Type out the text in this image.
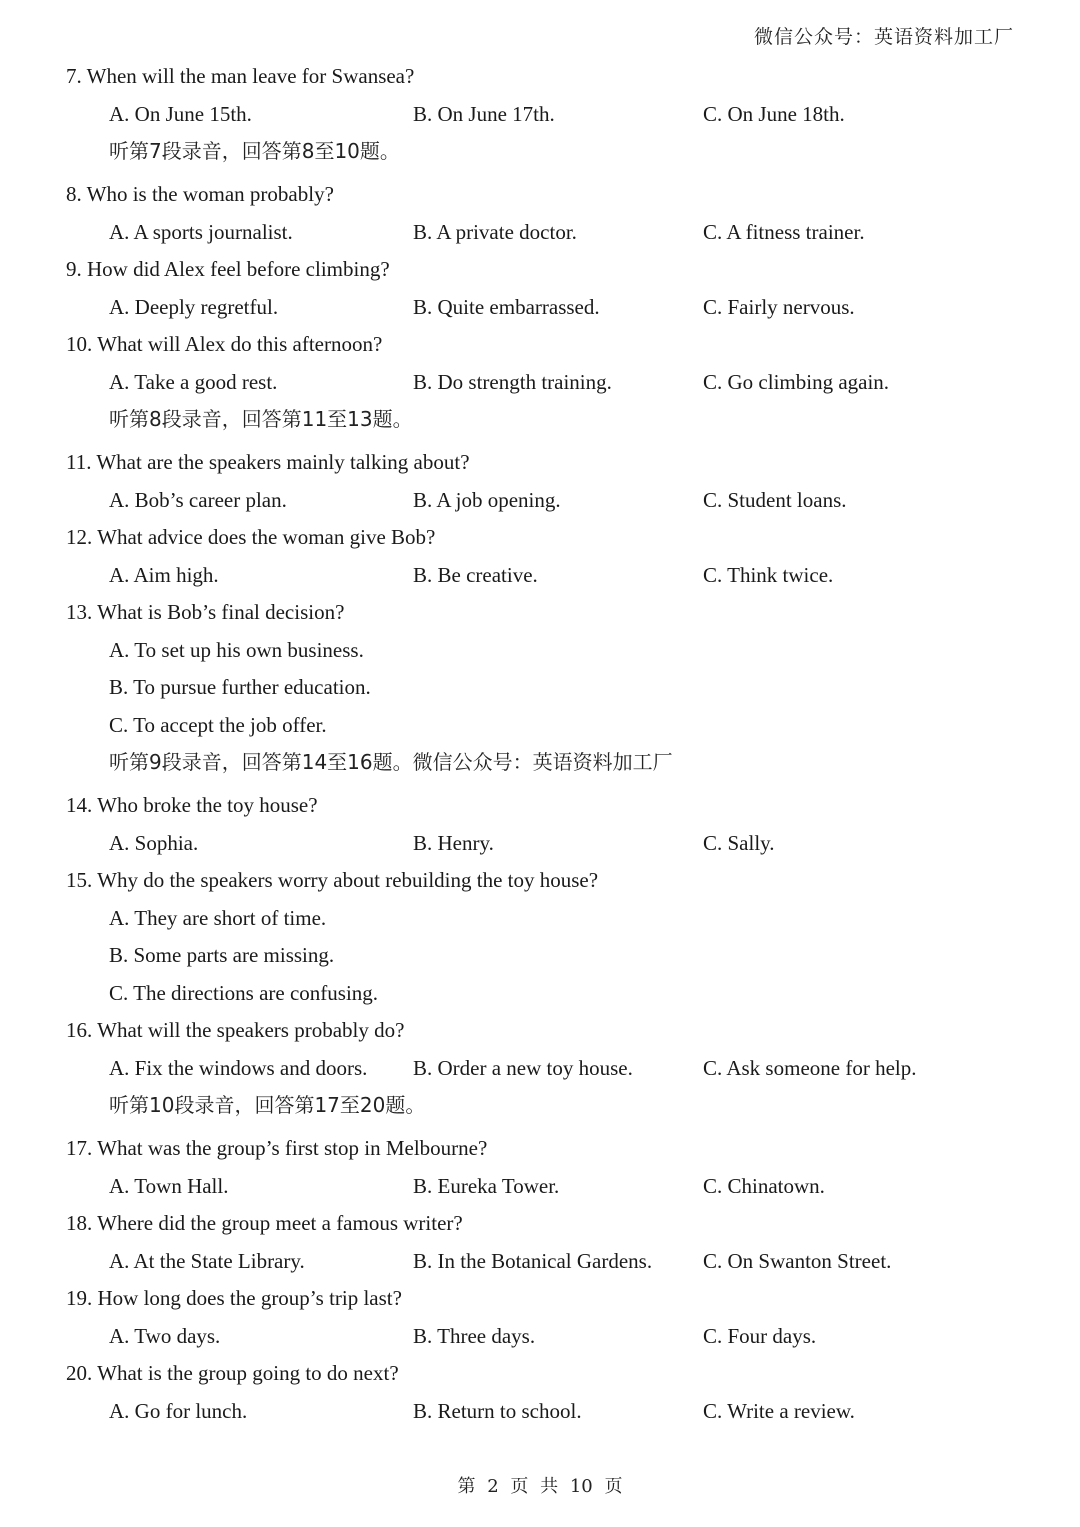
微信公众号：英语资料加工厂
7. When will the man leave for Swansea?
A. On June 15th.	B. On June 17th.	C. On June 18th.
听第7段录音，回答第8至10题。
8. Who is the woman probably?
A. A sports journalist.	B. A private doctor.	C. A fitness trainer.
9. How did Alex feel before climbing?
A. Deeply regretful.	B. Quite embarrassed.	C. Fairly nervous.
10. What will Alex do this afternoon?
A. Take a good rest.	B. Do strength training.	C. Go climbing again.
听第8段录音，回答第11至13题。
11. What are the speakers mainly talking about?
A. Bob’s career plan.	B. A job opening.	C. Student loans.
12. What advice does the woman give Bob?
A. Aim high.	B. Be creative.	C. Think twice.
13. What is Bob’s final decision?
A. To set up his own business.
B. To pursue further education.
C. To accept the job offer.
听第9段录音，回答第14至16题。微信公众号：英语资料加工厂
14. Who broke the toy house?
A. Sophia.	B. Henry.	C. Sally.
15. Why do the speakers worry about rebuilding the toy house?
A. They are short of time.
B. Some parts are missing.
C. The directions are confusing.
16. What will the speakers probably do?
A. Fix the windows and doors. B. Order a new toy house.	C. Ask someone for help.
听第10段录音，回答第17至20题。
17. What was the group’s first stop in Melbourne?
A. Town Hall.	B. Eureka Tower.	C. Chinatown.
18. Where did the group meet a famous writer?
A. At the State Library.	B. In the Botanical Gardens. C. On Swanton Street.
19. How long does the group’s trip last?
A. Two days.	B. Three days.	C. Four days.
20. What is the group going to do next?
A. Go for lunch.	B. Return to school.	C. Write a review.
第 2 页 共 10 页
